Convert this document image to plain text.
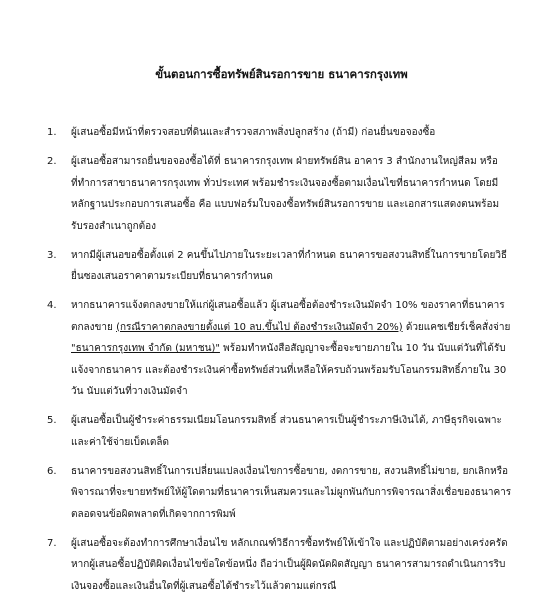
ขั้นตอนการซื้อทรัพย์สินรอการขาย ธนาคารกรุงเทพ
1.	ผู้เสนอซื้อมีหน้าที่ตรวจสอบที่ดินและสำรวจสภาพสิ่งปลูกสร้าง (ถ้ามี) ก่อนยื่นขอจองซื้อ
2.	ผู้เสนอซื้อสามารถยื่นขอจองซื้อได้ที่ ธนาคารกรุงเทพ ฝ่ายทรัพย์สิน อาคาร 3 สำนักงานใหญ่สีลม หรือที่ทำการสาขาธนาคารกรุงเทพ ทั่วประเทศ พร้อมชำระเงินจองซื้อตามเงื่อนไขที่ธนาคารกำหนด โดยมีหลักฐานประกอบการเสนอซื้อ คือ แบบฟอร์มใบจองซื้อทรัพย์สินรอการขาย และเอกสารแสดงตนพร้อมรับรองสำเนาถูกต้อง
3.	หากมีผู้เสนอขอซื้อตั้งแต่ 2 คนขึ้นไปภายในระยะเวลาที่กำหนด ธนาคารขอสงวนสิทธิ์ในการขายโดยวิธียื่นซองเสนอราคาตามระเบียบที่ธนาคารกำหนด
4.	หากธนาคารแจ้งตกลงขายให้แก่ผู้เสนอซื้อแล้ว ผู้เสนอซื้อต้องชำระเงินมัดจำ 10% ของราคาที่ธนาคารตกลงขาย (กรณีราคาตกลงขายตั้งแต่ 10 ลบ.ขึ้นไป ต้องชำระเงินมัดจำ 20%) ด้วยแคชเชียร์เช็คสั่งจ่าย "ธนาคารกรุงเทพ จำกัด (มหาชน)" พร้อมทำหนังสือสัญญาจะซื้อจะขายภายใน 10 วัน นับแต่วันที่ได้รับแจ้งจากธนาคาร และต้องชำระเงินค่าซื้อทรัพย์ส่วนที่เหลือให้ครบถ้วนพร้อมรับโอนกรรมสิทธิ์ภายใน 30 วัน นับแต่วันที่วางเงินมัดจำ
5.	ผู้เสนอซื้อเป็นผู้ชำระค่าธรรมเนียมโอนกรรมสิทธิ์ ส่วนธนาคารเป็นผู้ชำระภาษีเงินได้, ภาษีธุรกิจเฉพาะ และค่าใช้จ่ายเบ็ดเตล็ด
6.	ธนาคารขอสงวนสิทธิ์ในการเปลี่ยนแปลงเงื่อนไขการซื้อขาย, งดการขาย, สงวนสิทธิ์ไม่ขาย, ยกเลิกหรือพิจารณาที่จะขายทรัพย์ให้ผู้ใดตามที่ธนาคารเห็นสมควรและไม่ผูกพันกับการพิจารณาสิ่งเชื่อของธนาคาร ตลอดจนข้อผิดพลาดที่เกิดจากการพิมพ์
7.	ผู้เสนอซื้อจะต้องทำการศึกษาเงื่อนไข หลักเกณฑ์วิธีการซื้อทรัพย์ให้เข้าใจ และปฏิบัติตามอย่างเคร่งครัด หากผู้เสนอซื้อปฏิบัติผิดเงื่อนไขข้อใดข้อหนึ่ง ถือว่าเป็นผู้ผิดนัดผิดสัญญา ธนาคารสามารถดำเนินการริบเงินจองซื้อและเงินอื่นใดที่ผู้เสนอซื้อได้ชำระไว้แล้วตามแต่กรณี
